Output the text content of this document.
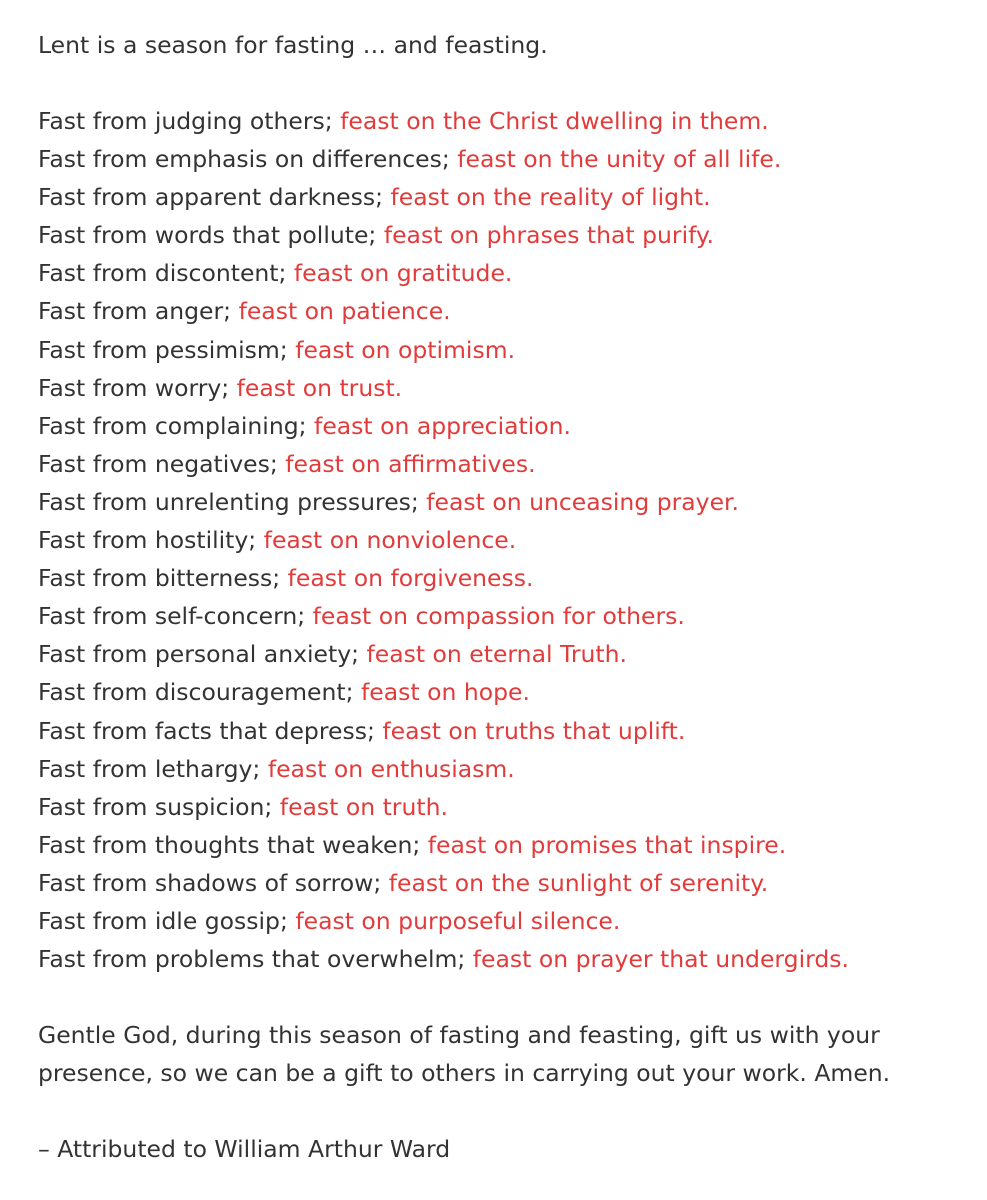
Lent is a season for fasting … and feasting.

Fast from judging others; feast on the Christ dwelling in them.
Fast from emphasis on differences; feast on the unity of all life.
Fast from apparent darkness; feast on the reality of light.
Fast from words that pollute; feast on phrases that purify.
Fast from discontent; feast on gratitude.
Fast from anger; feast on patience.
Fast from pessimism; feast on optimism.
Fast from worry; feast on trust.
Fast from complaining; feast on appreciation.
Fast from negatives; feast on affirmatives.
Fast from unrelenting pressures; feast on unceasing prayer.
Fast from hostility; feast on nonviolence.
Fast from bitterness; feast on forgiveness.
Fast from self-concern; feast on compassion for others.
Fast from personal anxiety; feast on eternal Truth.
Fast from discouragement; feast on hope.
Fast from facts that depress; feast on truths that uplift.
Fast from lethargy; feast on enthusiasm.
Fast from suspicion; feast on truth.
Fast from thoughts that weaken; feast on promises that inspire.
Fast from shadows of sorrow; feast on the sunlight of serenity.
Fast from idle gossip; feast on purposeful silence.
Fast from problems that overwhelm; feast on prayer that undergirds.

Gentle God, during this season of fasting and feasting, gift us with your

presence, so we can be a gift to others in carrying out your work. Amen.

– Attributed to William Arthur Ward
